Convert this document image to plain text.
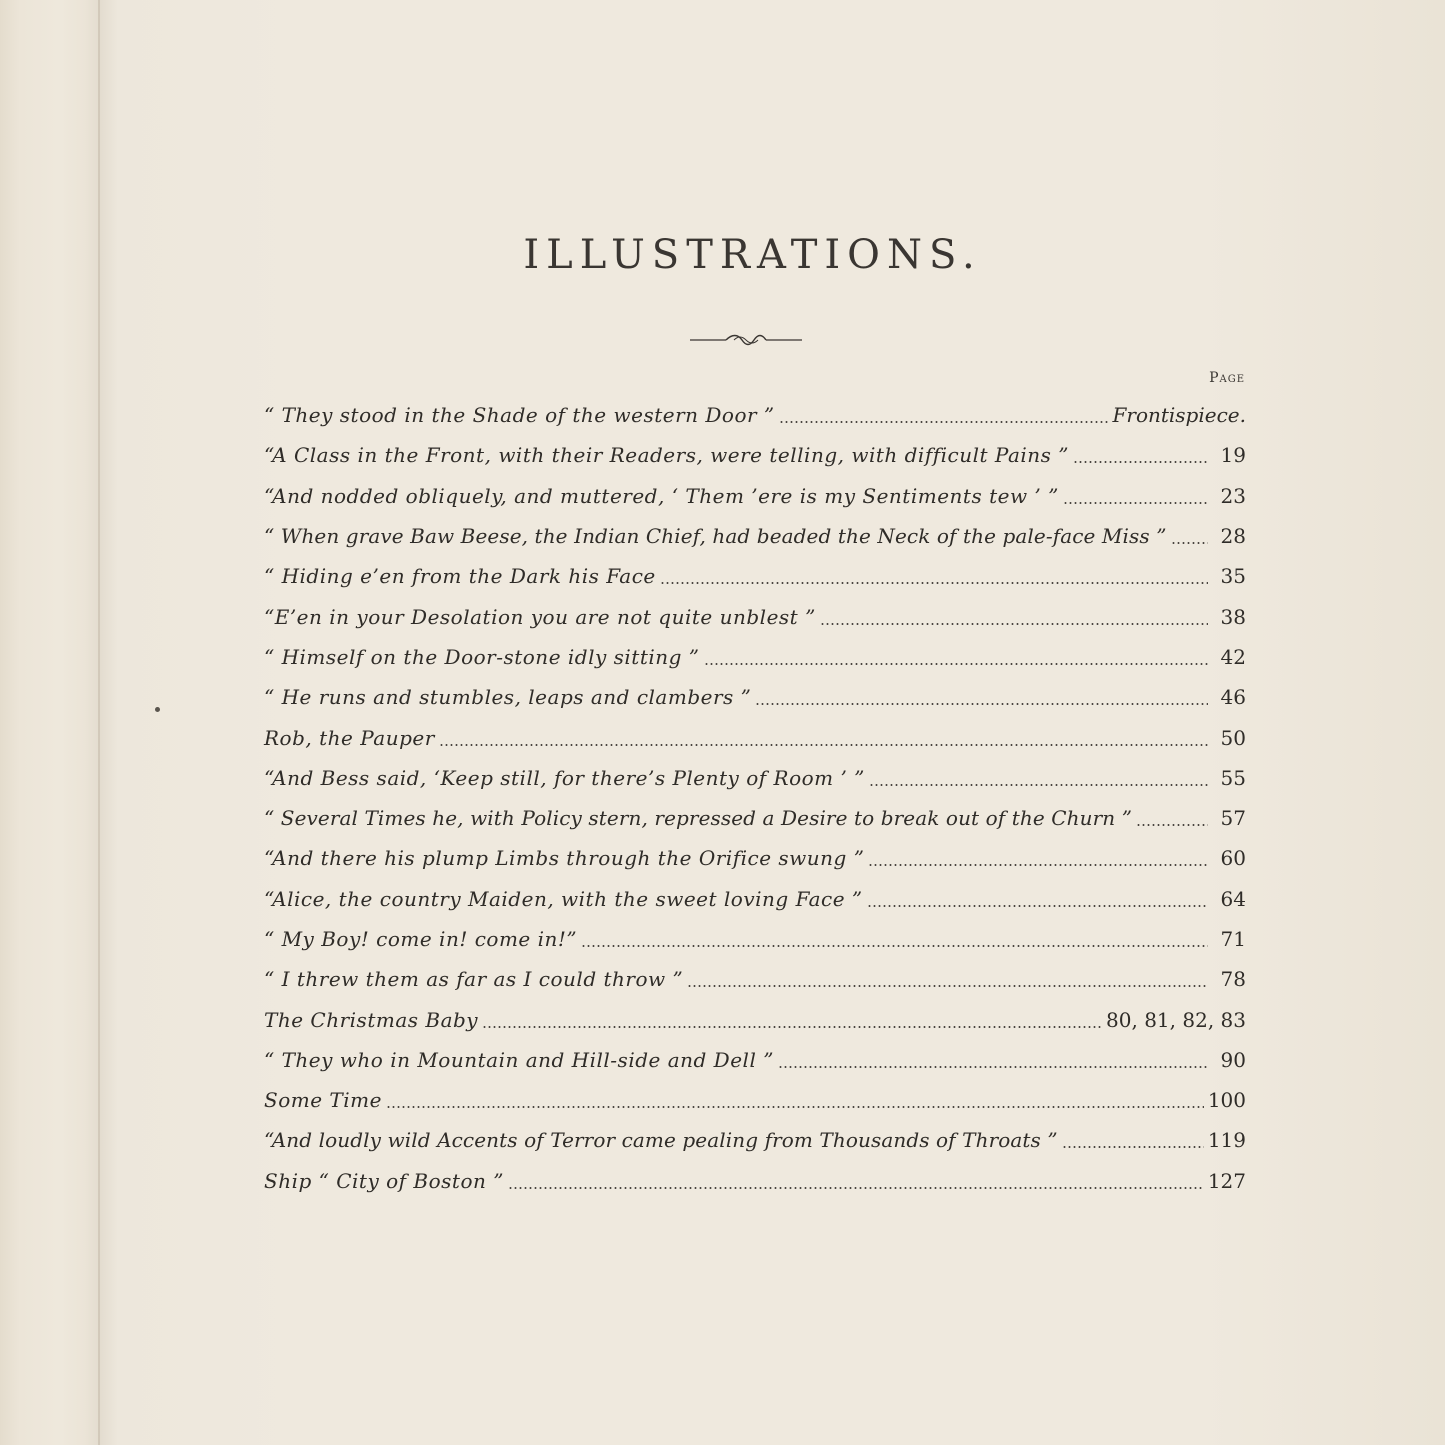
ILLUSTRATIONS.
Page
“ They stood in the Shade of the western Door ”	Frontispiece.
“A Class in the Front, with their Readers, were telling, with difficult Pains ”	19
“And nodded obliquely, and muttered, ‘ Them ’ere is my Sentiments tew ’ ”	23
“ When grave Baw Beese, the Indian Chief, had beaded the Neck of the pale-face Miss ”	28
“ Hiding e’en from the Dark his Face	35
“E’en in your Desolation you are not quite unblest ”	38
“ Himself on the Door-stone idly sitting ”	42
“ He runs and stumbles, leaps and clambers ”	46
Rob, the Pauper	50
“And Bess said, ‘Keep still, for there’s Plenty of Room ’ ”	55
“ Several Times he, with Policy stern, repressed a Desire to break out of the Churn ”	57
“And there his plump Limbs through the Orifice swung ”	60
“Alice, the country Maiden, with the sweet loving Face ”	64
“ My Boy! come in! come in!”	71
“ I threw them as far as I could throw ”	78
The Christmas Baby	80, 81, 82, 83
“ They who in Mountain and Hill-side and Dell ”	90
Some Time	100
“And loudly wild Accents of Terror came pealing from Thousands of Throats ”	119
Ship “ City of Boston ”	127
